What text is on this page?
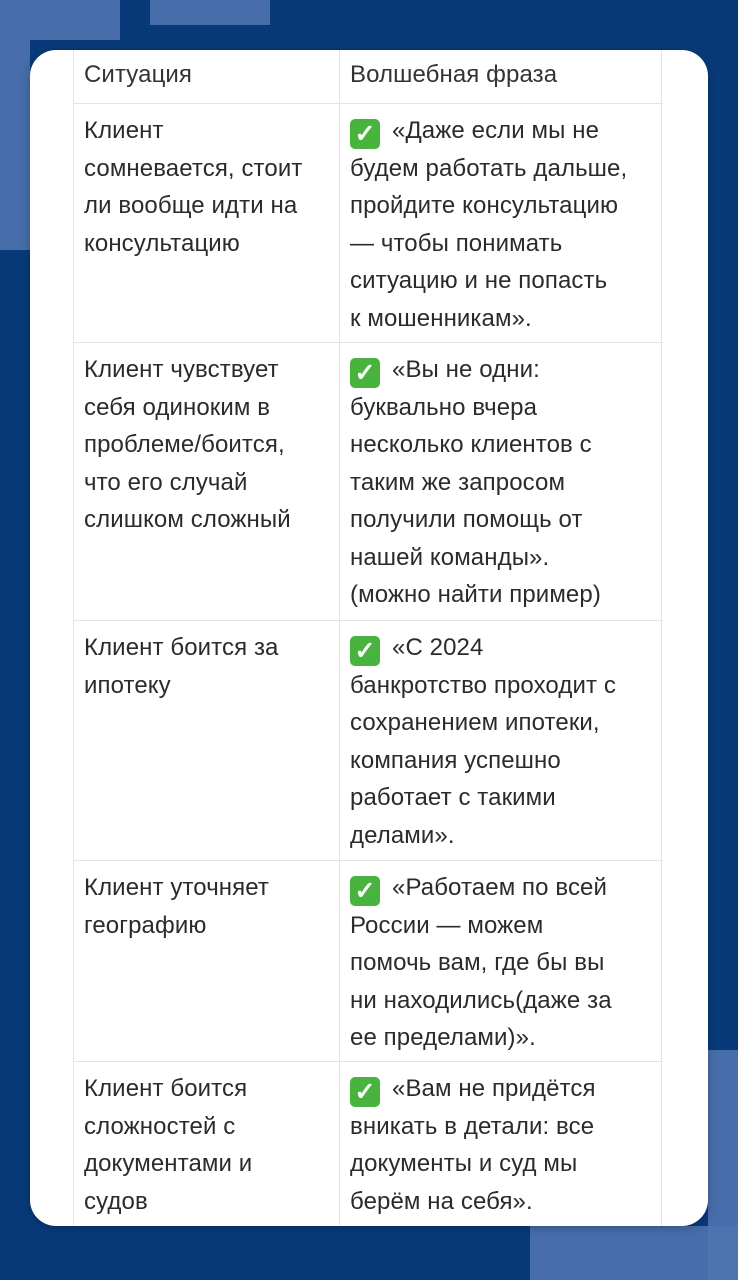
Ситуация	Волшебная фраза
Клиент
сомневается, стоит
ли вообще идти на
консультацию
✓ «Даже если мы не
будем работать дальше,
пройдите консультацию
— чтобы понимать
ситуацию и не попасть
к мошенникам».
Клиент чувствует
себя одиноким в
проблеме/боится,
что его случай
слишком сложный
✓ «Вы не одни:
буквально вчера
несколько клиентов с
таким же запросом
получили помощь от
нашей команды».
(можно найти пример)
Клиент боится за
ипотеку
✓ «С 2024
банкротство проходит с
сохранением ипотеки,
компания успешно
работает с такими
делами».
Клиент уточняет
географию
✓ «Работаем по всей
России — можем
помочь вам, где бы вы
ни находились(даже за
ее пределами)».
Клиент боится
сложностей с
документами и
судов
✓ «Вам не придётся
вникать в детали: все
документы и суд мы
берём на себя».
